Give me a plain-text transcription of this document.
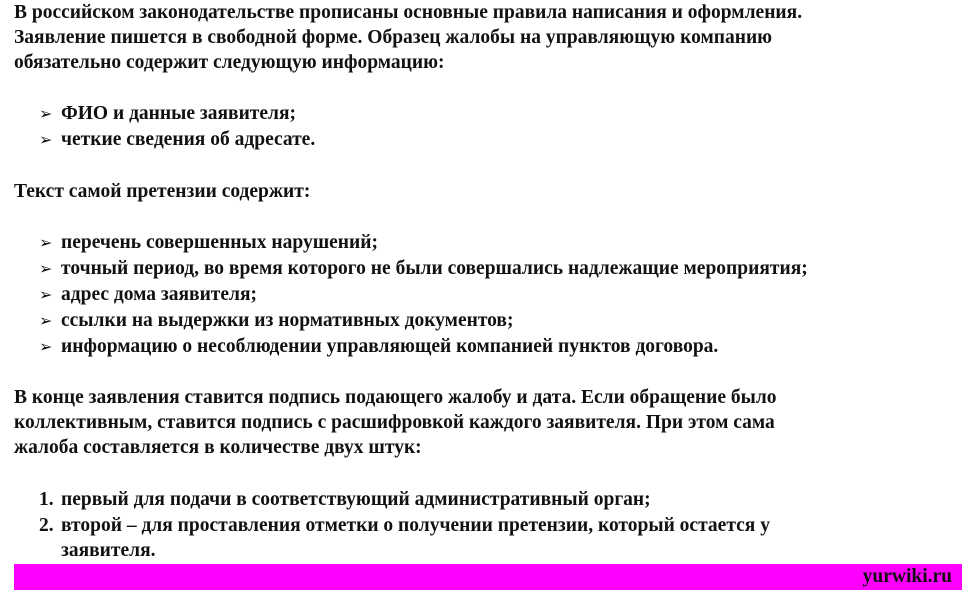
В российском законодательстве прописаны основные правила написания и оформления.
Заявление пишется в свободной форме. Образец жалобы на управляющую компанию
обязательно содержит следующую информацию:
➢ ФИО и данные заявителя;
➢ четкие сведения об адресате.
Текст самой претензии содержит:
➢ перечень совершенных нарушений;
➢ точный период, во время которого не были совершались надлежащие мероприятия;
➢ адрес дома заявителя;
➢ ссылки на выдержки из нормативных документов;
➢ информацию о несоблюдении управляющей компанией пунктов договора.
В конце заявления ставится подпись подающего жалобу и дата. Если обращение было
коллективным, ставится подпись с расшифровкой каждого заявителя. При этом сама
жалоба составляется в количестве двух штук:
1. первый для подачи в соответствующий административный орган;
2. второй – для проставления отметки о получении претензии, который остается у
заявителя.
yurwiki.ru
